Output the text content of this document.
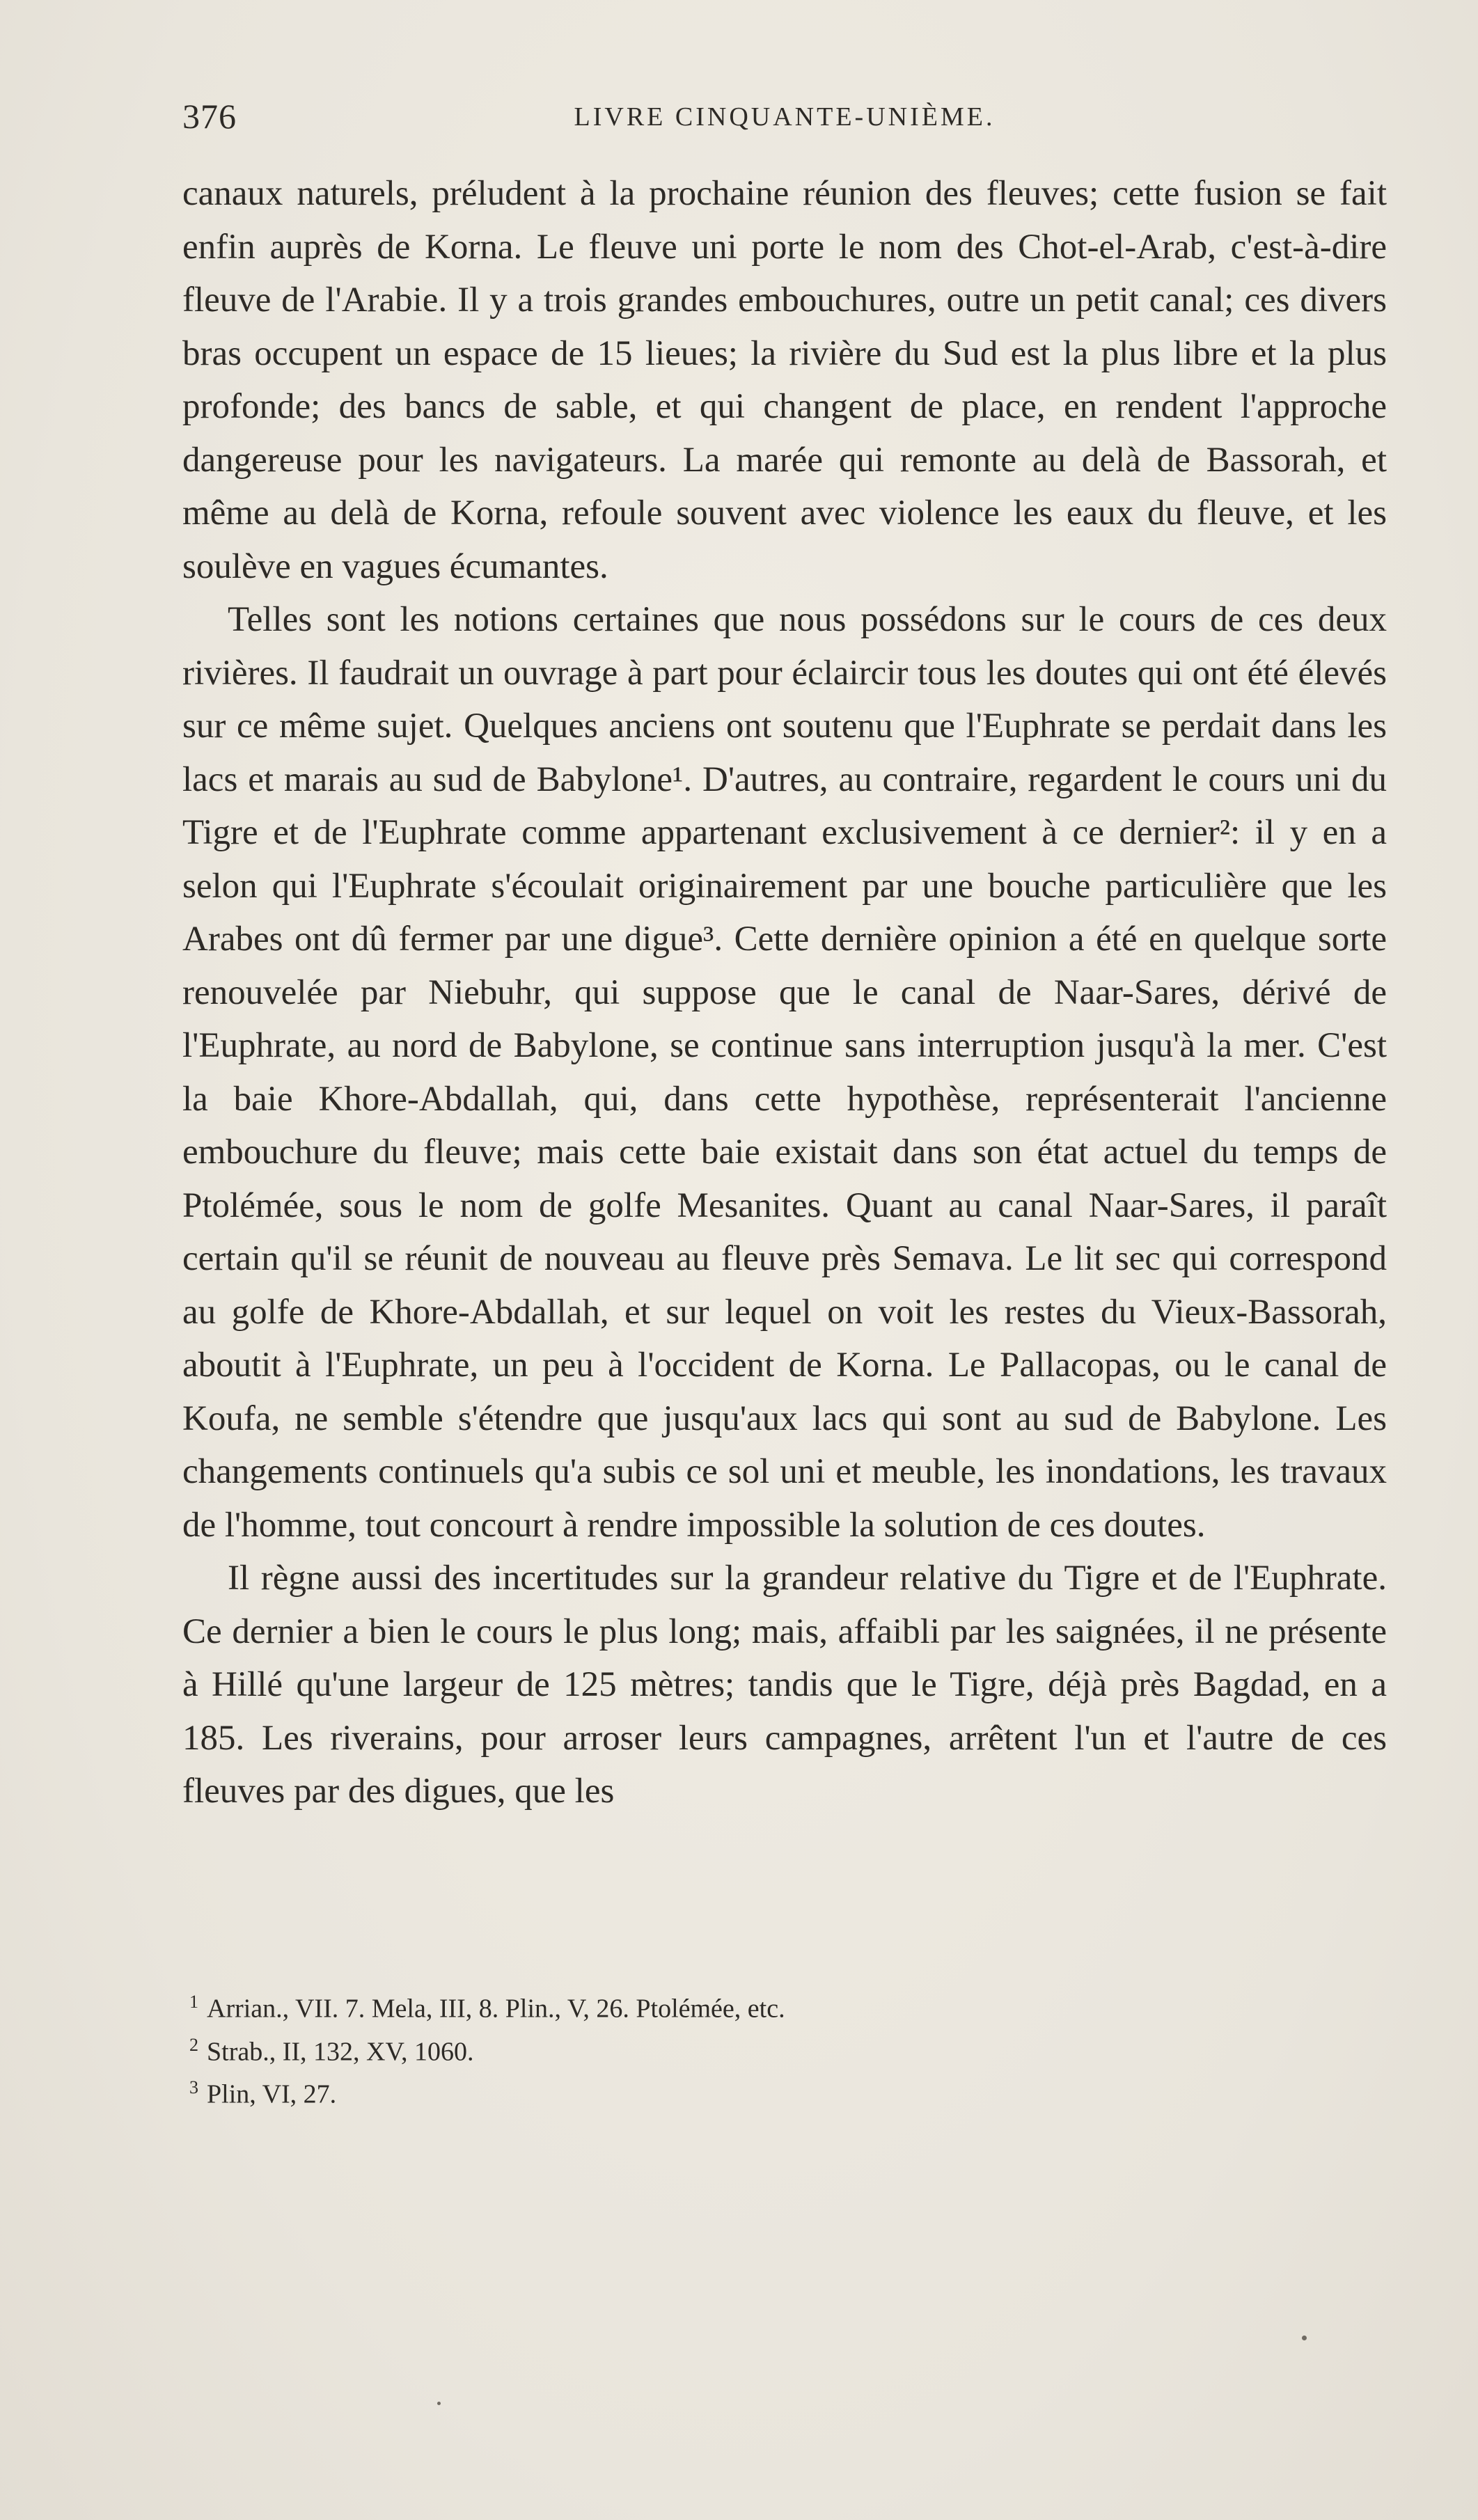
376	LIVRE CINQUANTE-UNIÈME.

canaux naturels, préludent à la prochaine réunion des fleuves; cette fusion se fait enfin auprès de Korna. Le fleuve uni porte le nom des Chot-el-Arab, c'est-à-dire fleuve de l'Arabie. Il y a trois grandes embouchures, outre un petit canal; ces divers bras occupent un espace de 15 lieues; la rivière du Sud est la plus libre et la plus profonde; des bancs de sable, et qui changent de place, en rendent l'approche dangereuse pour les navigateurs. La marée qui remonte au delà de Bassorah, et même au delà de Korna, refoule souvent avec violence les eaux du fleuve, et les soulève en vagues écumantes.

Telles sont les notions certaines que nous possédons sur le cours de ces deux rivières. Il faudrait un ouvrage à part pour éclaircir tous les doutes qui ont été élevés sur ce même sujet. Quelques anciens ont soutenu que l'Euphrate se perdait dans les lacs et marais au sud de Babylone¹. D'autres, au contraire, regardent le cours uni du Tigre et de l'Euphrate comme appartenant exclusivement à ce dernier²: il y en a selon qui l'Euphrate s'écoulait originairement par une bouche particulière que les Arabes ont dû fermer par une digue³. Cette dernière opinion a été en quelque sorte renouvelée par Niebuhr, qui suppose que le canal de Naar-Sares, dérivé de l'Euphrate, au nord de Babylone, se continue sans interruption jusqu'à la mer. C'est la baie Khore-Abdallah, qui, dans cette hypothèse, représenterait l'ancienne embouchure du fleuve; mais cette baie existait dans son état actuel du temps de Ptolémée, sous le nom de golfe Mesanites. Quant au canal Naar-Sares, il paraît certain qu'il se réunit de nouveau au fleuve près Semava. Le lit sec qui correspond au golfe de Khore-Abdallah, et sur lequel on voit les restes du Vieux-Bassorah, aboutit à l'Euphrate, un peu à l'occident de Korna. Le Pallacopas, ou le canal de Koufa, ne semble s'étendre que jusqu'aux lacs qui sont au sud de Babylone. Les changements continuels qu'a subis ce sol uni et meuble, les inondations, les travaux de l'homme, tout concourt à rendre impossible la solution de ces doutes.

Il règne aussi des incertitudes sur la grandeur relative du Tigre et de l'Euphrate. Ce dernier a bien le cours le plus long; mais, affaibli par les saignées, il ne présente à Hillé qu'une largeur de 125 mètres; tandis que le Tigre, déjà près Bagdad, en a 185. Les riverains, pour arroser leurs campagnes, arrêtent l'un et l'autre de ces fleuves par des digues, que les

$^1$ Arrian., VII. 7. Mela, III, 8. Plin., V, 26. Ptolémée, etc.

$^2$ Strab., II, 132, XV, 1060.

$^3$ Plin, VI, 27.
